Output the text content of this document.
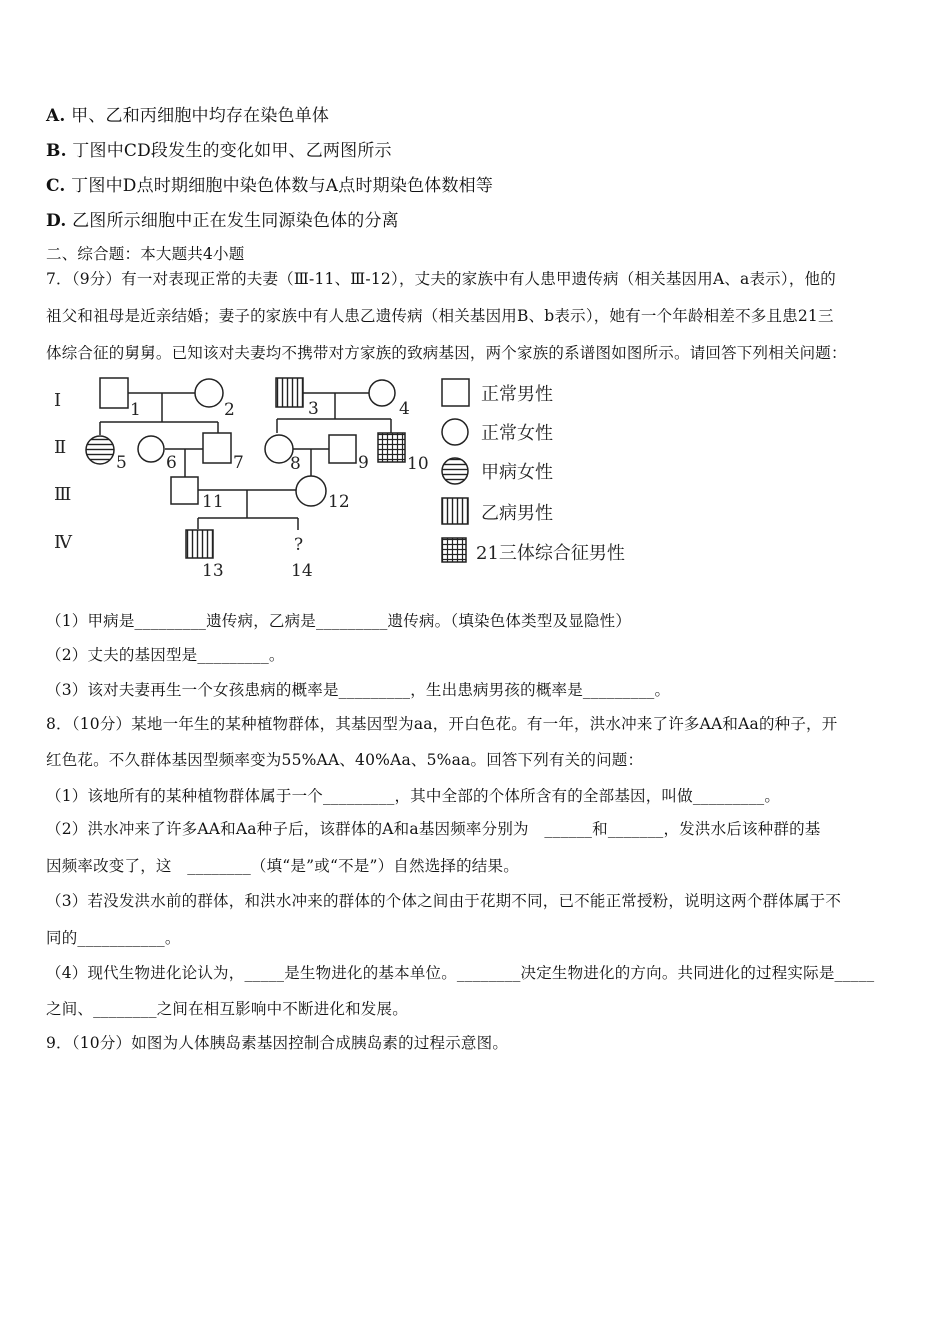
A. 甲、乙和丙细胞中均存在染色单体
B. 丁图中CD段发生的变化如甲、乙两图所示
C. 丁图中D点时期细胞中染色体数与A点时期染色体数相等
D. 乙图所示细胞中正在发生同源染色体的分离
二、综合题：本大题共4小题
7．（9分）有一对表现正常的夫妻（Ⅲ-11、Ⅲ-12），丈夫的家族中有人患甲遗传病（相关基因用A、a表示），他的
祖父和祖母是近亲结婚；妻子的家族中有人患乙遗传病（相关基因用B、b表示），她有一个年龄相差不多且患21三
体综合征的舅舅。已知该对夫妻均不携带对方家族的致病基因，两个家族的系谱图如图所示。请回答下列相关问题：
Ⅰ
Ⅱ
Ⅲ
Ⅳ
1	2	3	4
5 6	7	8	9 10
11	12
13	14
?
正常男性
正常女性
甲病女性
乙病男性
21三体综合征男性
（1）甲病是_________遗传病，乙病是_________遗传病。（填染色体类型及显隐性）
（2）丈夫的基因型是_________。
（3）该对夫妻再生一个女孩患病的概率是_________，生出患病男孩的概率是_________。
8．（10分）某地一年生的某种植物群体，其基因型为aa，开白色花。有一年，洪水冲来了许多AA和Aa的种子，开
红色花。不久群体基因型频率变为55%AA、40%Aa、5%aa。回答下列有关的问题：
（1）该地所有的某种植物群体属于一个_________，其中全部的个体所含有的全部基因，叫做_________。
（2）洪水冲来了许多AA和Aa种子后，该群体的A和a基因频率分别为　______和_______，发洪水后该种群的基
因频率改变了，这　________（填“是”或“不是”）自然选择的结果。
（3）若没发洪水前的群体，和洪水冲来的群体的个体之间由于花期不同，已不能正常授粉，说明这两个群体属于不
同的___________。
（4）现代生物进化论认为，_____是生物进化的基本单位。________决定生物进化的方向。共同进化的过程实际是_____
之间、________之间在相互影响中不断进化和发展。
9．（10分）如图为人体胰岛素基因控制合成胰岛素的过程示意图。
